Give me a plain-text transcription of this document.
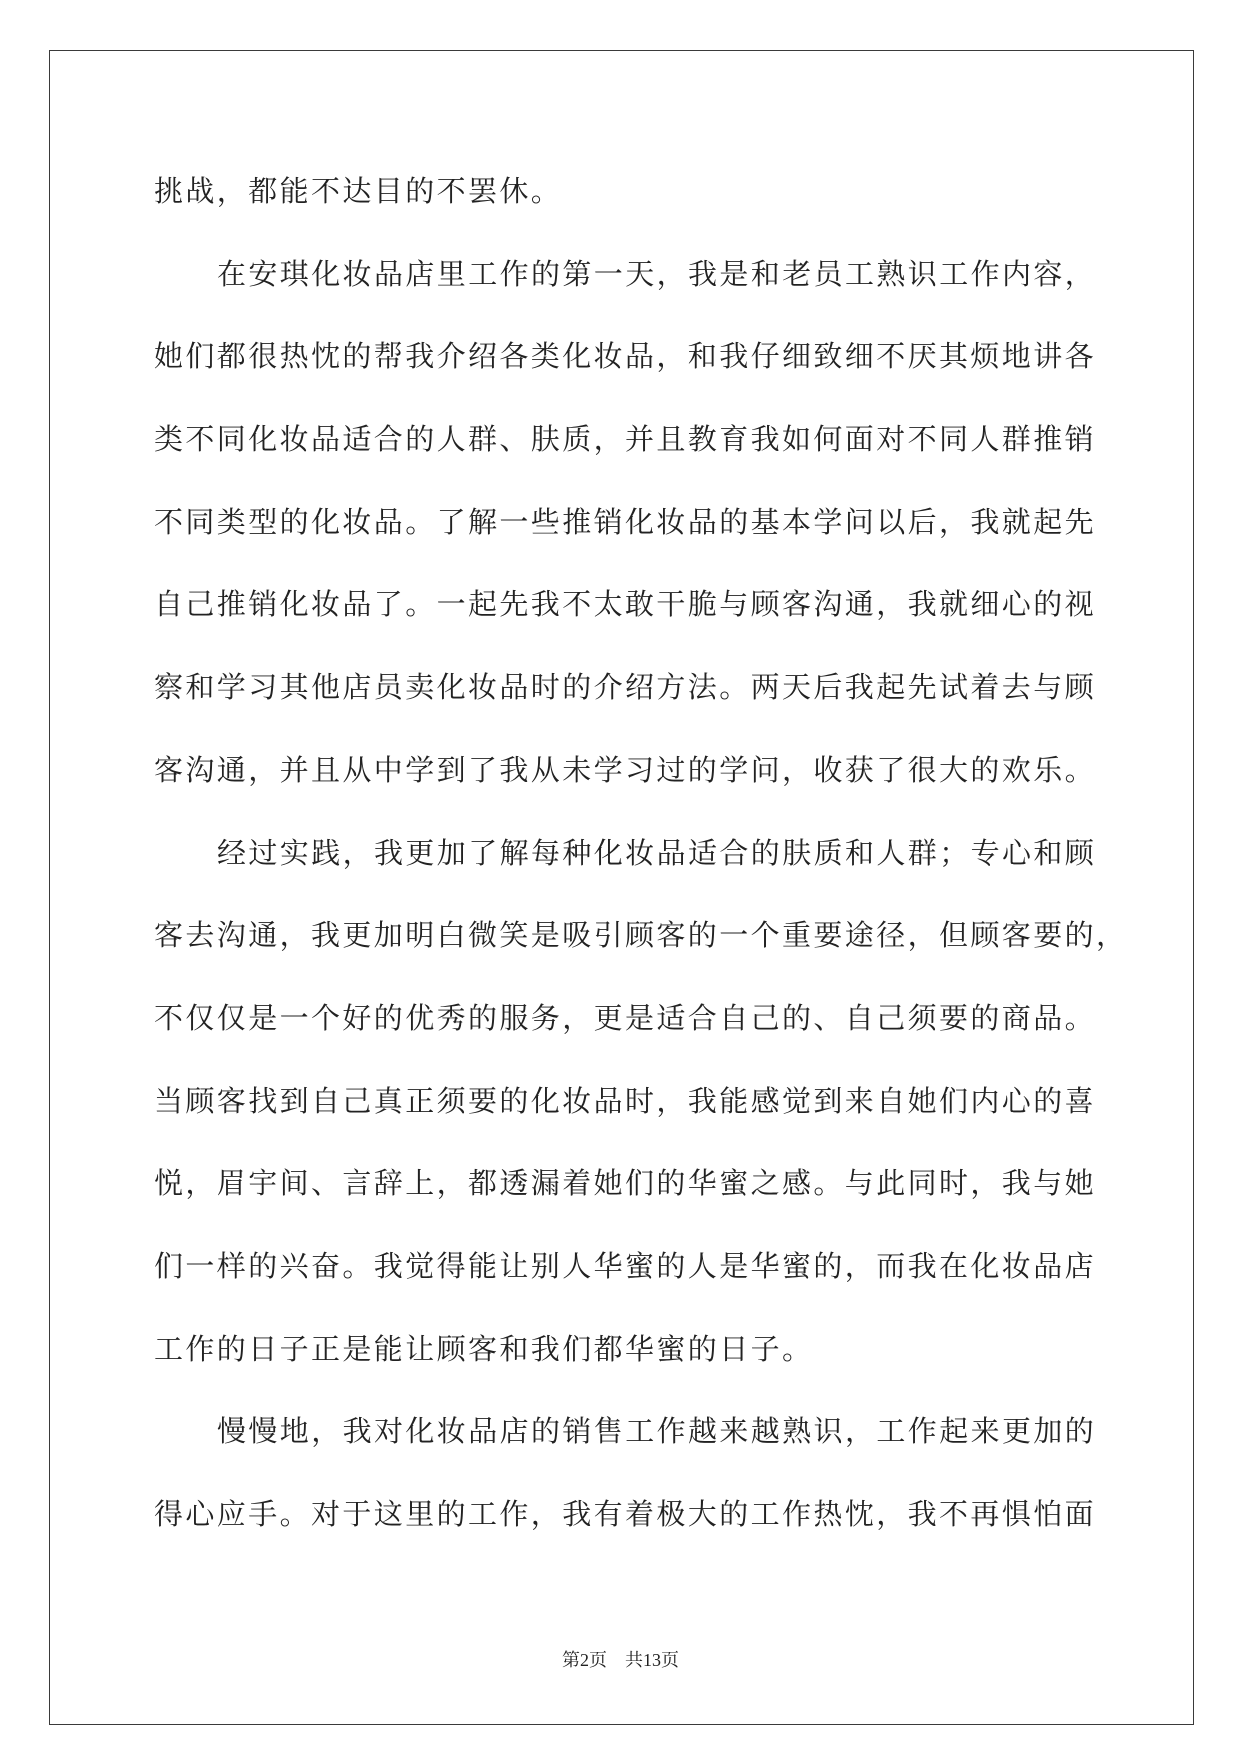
挑战，都能不达目的不罢休。
在安琪化妆品店里工作的第一天，我是和老员工熟识工作内容，
她们都很热忱的帮我介绍各类化妆品，和我仔细致细不厌其烦地讲各
类不同化妆品适合的人群、肤质，并且教育我如何面对不同人群推销
不同类型的化妆品。了解一些推销化妆品的基本学问以后，我就起先
自己推销化妆品了。一起先我不太敢干脆与顾客沟通，我就细心的视
察和学习其他店员卖化妆品时的介绍方法。两天后我起先试着去与顾
客沟通，并且从中学到了我从未学习过的学问，收获了很大的欢乐。
经过实践，我更加了解每种化妆品适合的肤质和人群；专心和顾
客去沟通，我更加明白微笑是吸引顾客的一个重要途径，但顾客要的，
不仅仅是一个好的优秀的服务，更是适合自己的、自己须要的商品。
当顾客找到自己真正须要的化妆品时，我能感觉到来自她们内心的喜
悦，眉宇间、言辞上，都透漏着她们的华蜜之感。与此同时，我与她
们一样的兴奋。我觉得能让别人华蜜的人是华蜜的，而我在化妆品店
工作的日子正是能让顾客和我们都华蜜的日子。
慢慢地，我对化妆品店的销售工作越来越熟识，工作起来更加的
得心应手。对于这里的工作，我有着极大的工作热忱，我不再惧怕面
第2页 共13页
